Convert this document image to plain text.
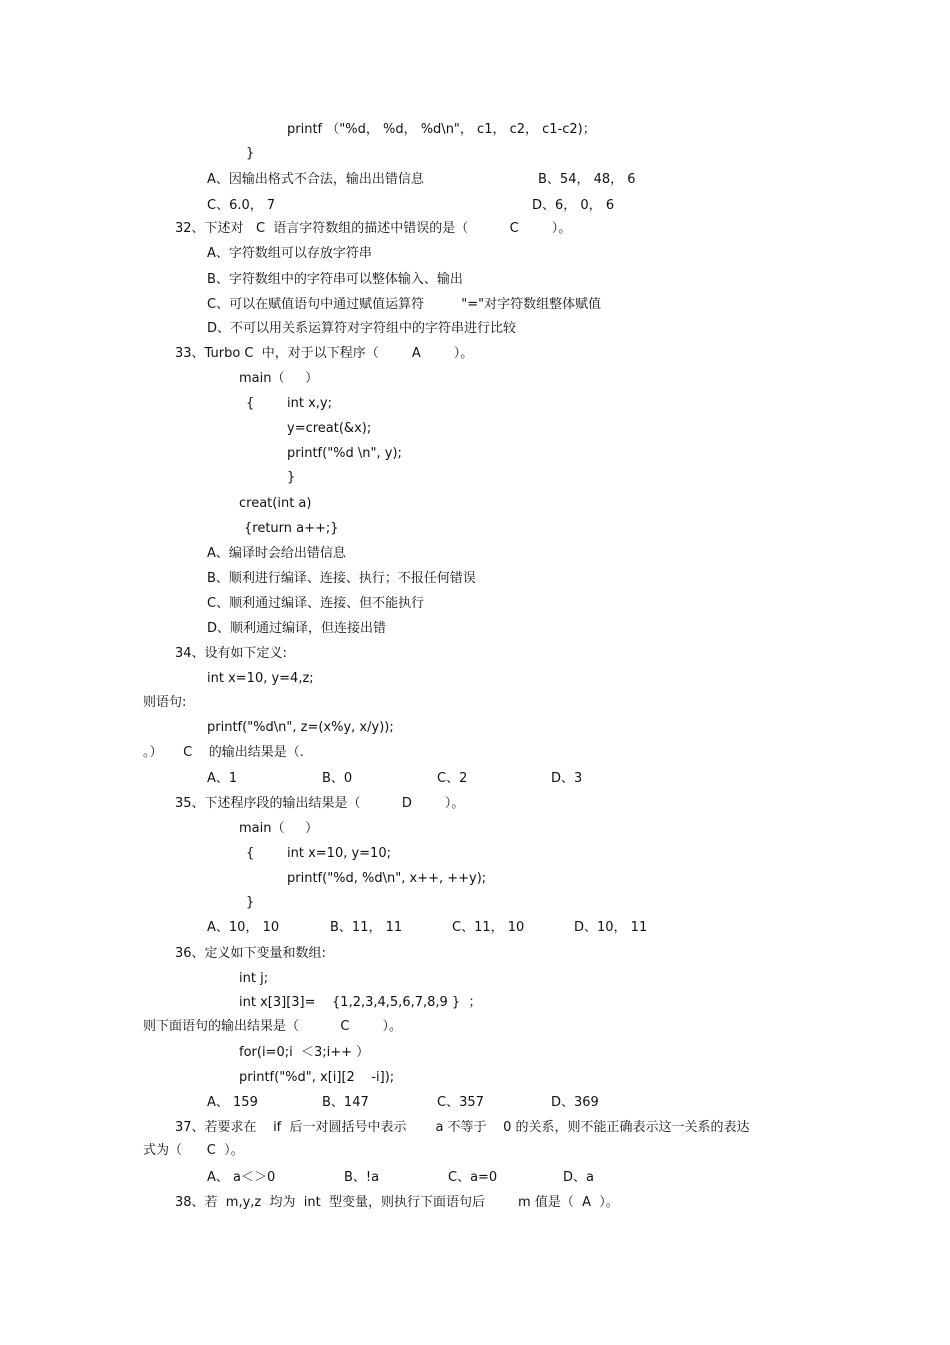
printf （"%d， %d， %d\n"， c1， c2， c1-c2)；
}
A、因输出格式不合法，输出出错信息	B、54， 48， 6
C、6.0， 7	D、6， 0， 6
32、下述对   C  语言字符数组的描述中错误的是（          C        ）。
A、字符数组可以存放字符串
B、字符数组中的字符串可以整体输入、输出
C、可以在赋值语句中通过赋值运算符         "="对字符数组整体赋值
D、不可以用关系运算符对字符组中的字符串进行比较
33、Turbo C  中，对于以下程序（        A        ）。
main（     ）
{	int x,y;
y=creat(&x);
printf("%d \n", y);
}
creat(int a)
{return a++;}
A、编译时会给出错信息
B、顺利进行编译、连接、执行；不报任何错误
C、顺利通过编译、连接、但不能执行
D、顺利通过编译，但连接出错
34、设有如下定义:
int x=10, y=4,z;
则语句:
printf("%d\n", z=(x%y, x/y));
。）     C    的输出结果是（.
A、1	B、0	C、2	D、3
35、下述程序段的输出结果是（          D        ）。
main（     ）
{	int x=10, y=10;
printf("%d, %d\n", x++, ++y);
}
A、10， 10	B、11， 11	C、11， 10	D、10， 11
36、定义如下变量和数组:
int j;
int x[3][3]=    {1,2,3,4,5,6,7,8,9 }  ；
则下面语句的输出结果是（          C        ）。
for(i=0;i  ＜3;i++ ）
printf("%d", x[i][2    -i]);
A、 159	B、147	C、357	D、369
37、若要求在    if  后一对圆括号中表示       a 不等于    0 的关系，则不能正确表示这一关系的表达
式为（      C  ）。
A、 a＜＞0	B、!a	C、a=0	D、a
38、若  m,y,z  均为  int  型变量，则执行下面语句后        m 值是（  A  ）。
